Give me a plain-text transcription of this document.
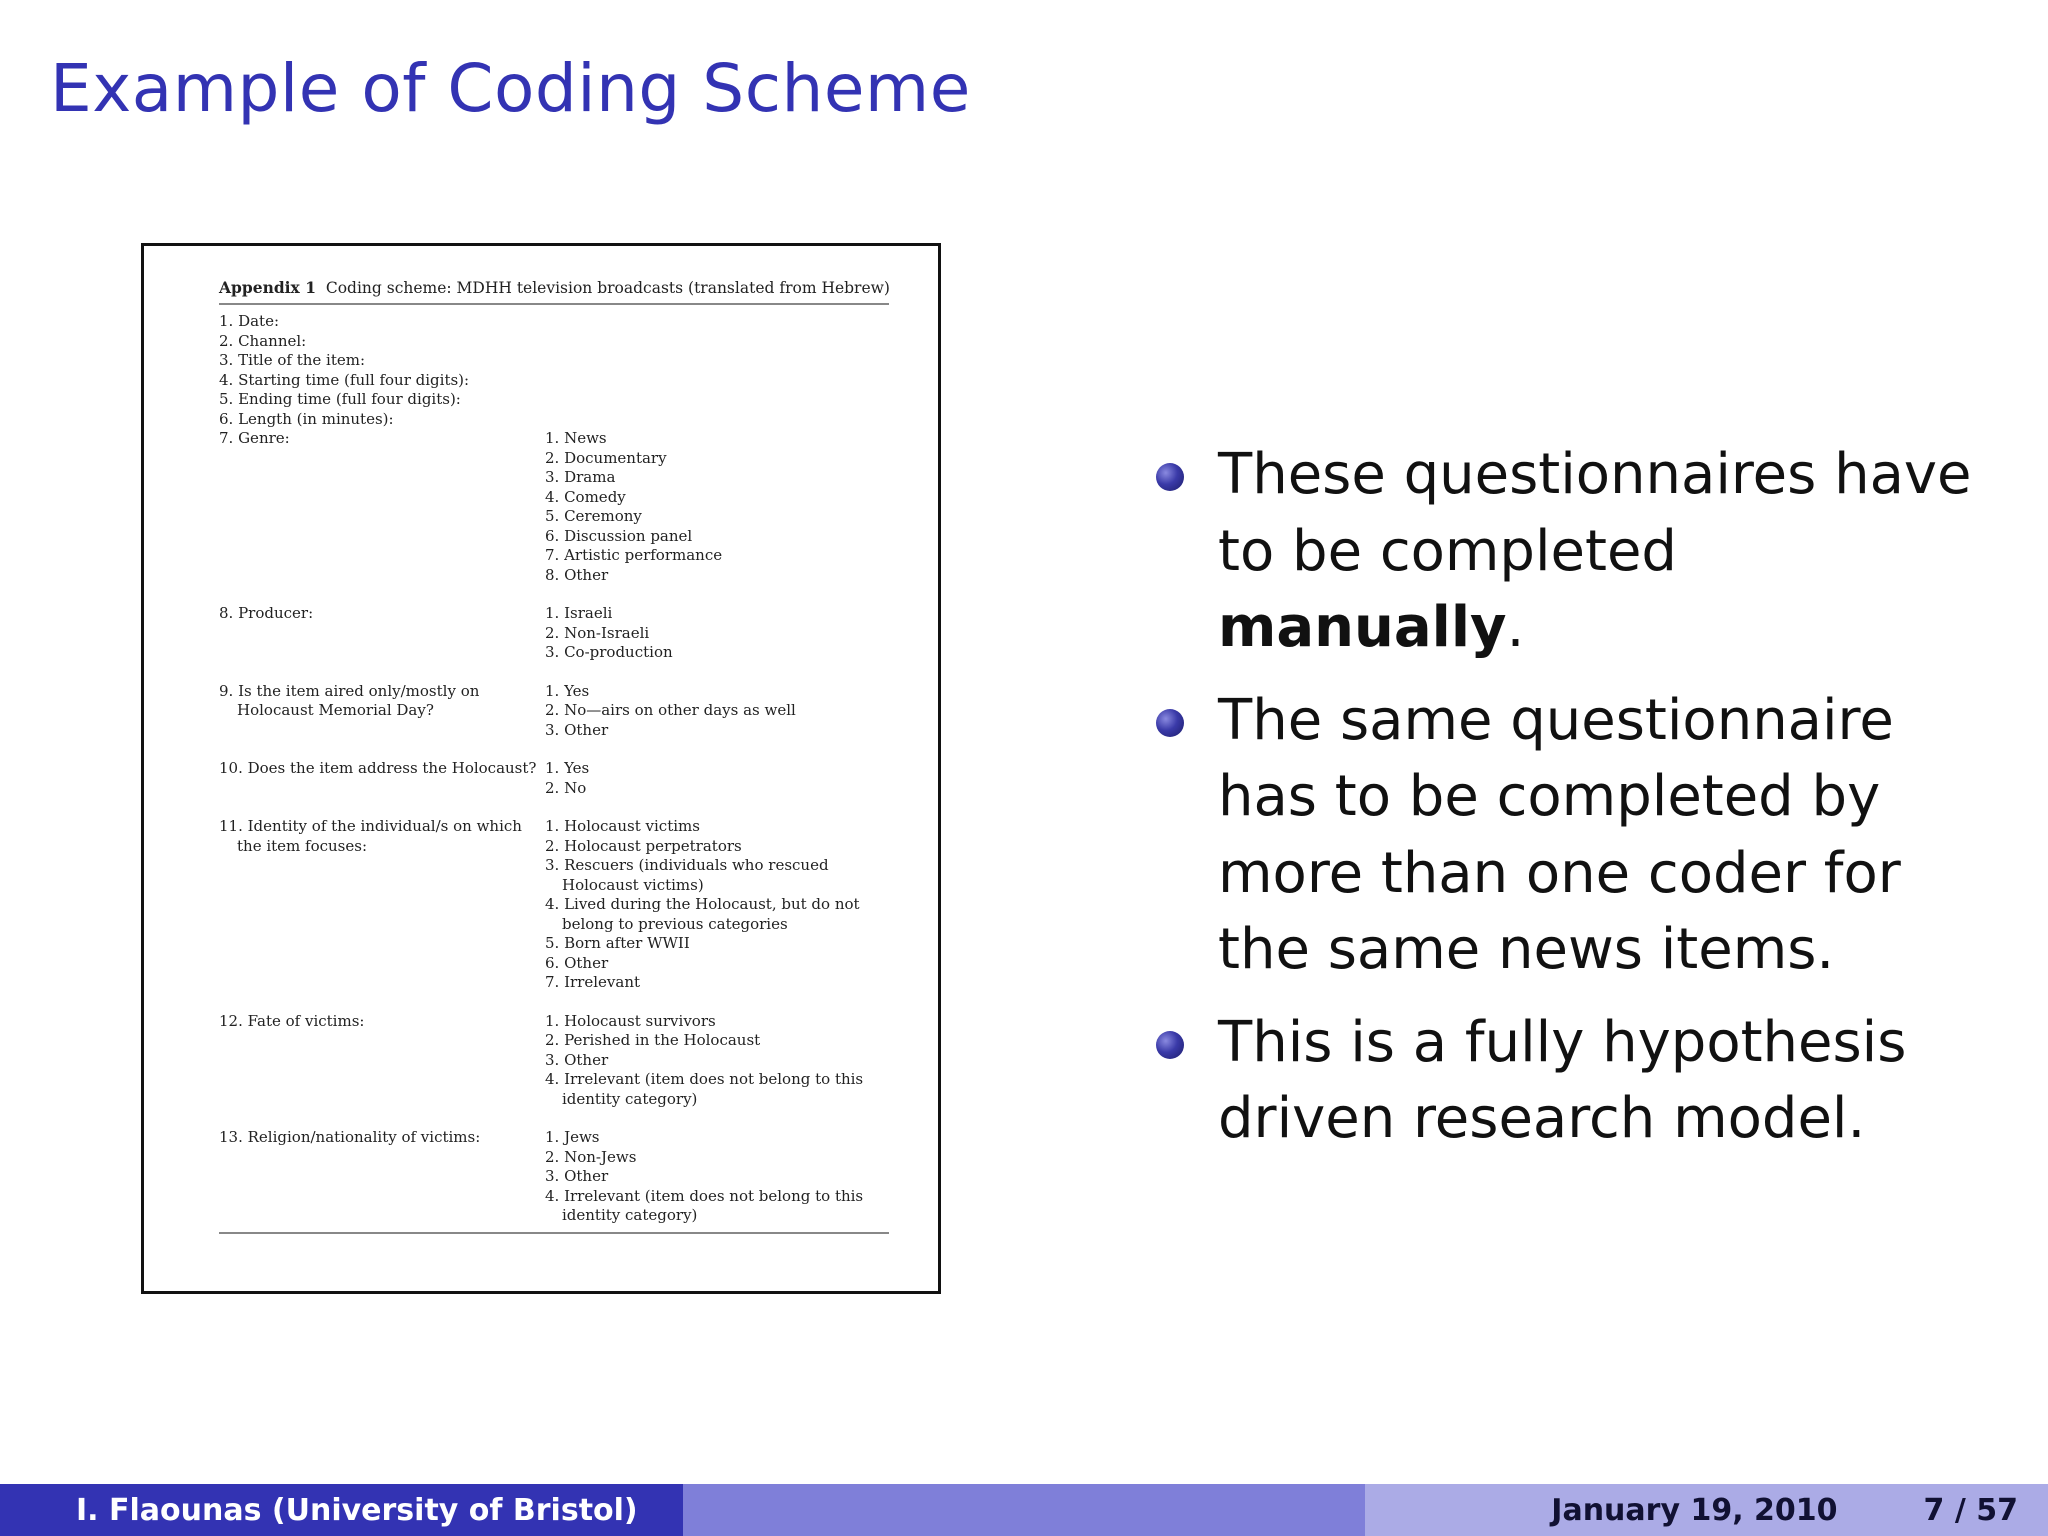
Example of Coding Scheme
Appendix 1 Coding scheme: MDHH television broadcasts (translated from Hebrew)
1. Date:
2. Channel:
3. Title of the item:
4. Starting time (full four digits):
5. Ending time (full four digits):
6. Length (in minutes):
7. Genre:	1. News
2. Documentary
3. Drama
4. Comedy
5. Ceremony
6. Discussion panel
7. Artistic performance
8. Other
8. Producer:	1. Israeli
2. Non-Israeli
3. Co-production
9. Is the item aired only/mostly on
Holocaust Memorial Day?
1. Yes
2. No—airs on other days as well
3. Other
10. Does the item address the Holocaust? 1. Yes
2. No
11. Identity of the individual/s on which
the item focuses:
1. Holocaust victims
2. Holocaust perpetrators
3. Rescuers (individuals who rescued
Holocaust victims)
4. Lived during the Holocaust, but do not
belong to previous categories
5. Born after WWII
6. Other
7. Irrelevant
12. Fate of victims:	1. Holocaust survivors
2. Perished in the Holocaust
3. Other
4. Irrelevant (item does not belong to this
identity category)
13. Religion/nationality of victims:	1. Jews
2. Non-Jews
3. Other
4. Irrelevant (item does not belong to this
identity category)
These questionnaires have
to be completed
manually.
The same questionnaire
has to be completed by
more than one coder for
the same news items.
This is a fully hypothesis
driven research model.
I. Flaounas (University of Bristol)	January 19, 2010	7 / 57
